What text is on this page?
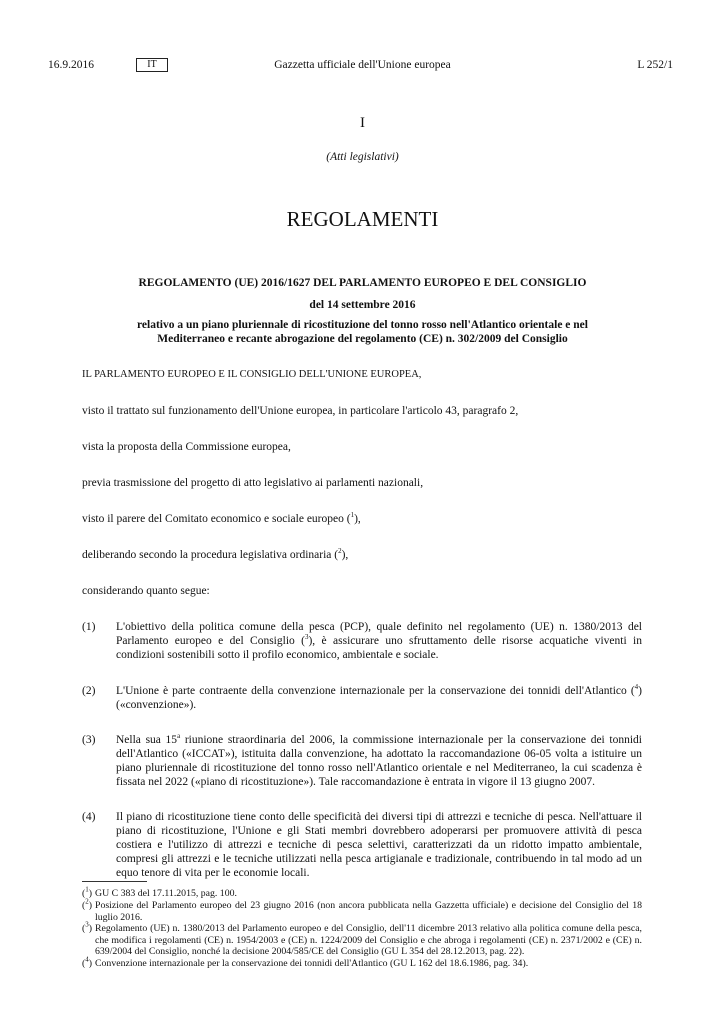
16.9.2016	IT	Gazzetta ufficiale dell'Unione europea	L 252/1
I
(Atti legislativi)
REGOLAMENTI
REGOLAMENTO (UE) 2016/1627 DEL PARLAMENTO EUROPEO E DEL CONSIGLIO
del 14 settembre 2016
relativo a un piano pluriennale di ricostituzione del tonno rosso nell'Atlantico orientale e nel
Mediterraneo e recante abrogazione del regolamento (CE) n. 302/2009 del Consiglio
IL PARLAMENTO EUROPEO E IL CONSIGLIO DELL'UNIONE EUROPEA,
visto il trattato sul funzionamento dell'Unione europea, in particolare l'articolo 43, paragrafo 2,
vista la proposta della Commissione europea,
previa trasmissione del progetto di atto legislativo ai parlamenti nazionali,
visto il parere del Comitato economico e sociale europeo ($^1$),
deliberando secondo la procedura legislativa ordinaria ($^2$),
considerando quanto segue:
(1) L'obiettivo della politica comune della pesca (PCP), quale definito nel regolamento (UE) n. 1380/2013 del Parlamento europeo e del Consiglio ($^3$), è assicurare uno sfruttamento delle risorse acquatiche viventi in condizioni sostenibili sotto il profilo economico, ambientale e sociale.
(2) L'Unione è parte contraente della convenzione internazionale per la conservazione dei tonnidi dell'Atlantico ($^4$) («convenzione»).
(3) Nella sua 15$^a$ riunione straordinaria del 2006, la commissione internazionale per la conservazione dei tonnidi dell'Atlantico («ICCAT»), istituita dalla convenzione, ha adottato la raccomandazione 06-05 volta a istituire un piano pluriennale di ricostituzione del tonno rosso nell'Atlantico orientale e nel Mediterraneo, la cui scadenza è fissata nel 2022 («piano di ricostituzione»). Tale raccomandazione è entrata in vigore il 13 giugno 2007.
(4) Il piano di ricostituzione tiene conto delle specificità dei diversi tipi di attrezzi e tecniche di pesca. Nell'attuare il piano di ricostituzione, l'Unione e gli Stati membri dovrebbero adoperarsi per promuovere attività di pesca costiera e l'utilizzo di attrezzi e tecniche di pesca selettivi, caratterizzati da un ridotto impatto ambientale, compresi gli attrezzi e le tecniche utilizzati nella pesca artigianale e tradizionale, contribuendo in tal modo ad un equo tenore di vita per le economie locali.
($^1$) GU C 383 del 17.11.2015, pag. 100.
($^2$) Posizione del Parlamento europeo del 23 giugno 2016 (non ancora pubblicata nella Gazzetta ufficiale) e decisione del Consiglio del 18 luglio 2016.
($^3$) Regolamento (UE) n. 1380/2013 del Parlamento europeo e del Consiglio, dell'11 dicembre 2013 relativo alla politica comune della pesca, che modifica i regolamenti (CE) n. 1954/2003 e (CE) n. 1224/2009 del Consiglio e che abroga i regolamenti (CE) n. 2371/2002 e (CE) n. 639/2004 del Consiglio, nonché la decisione 2004/585/CE del Consiglio (GU L 354 del 28.12.2013, pag. 22).
($^4$) Convenzione internazionale per la conservazione dei tonnidi dell'Atlantico (GU L 162 del 18.6.1986, pag. 34).
